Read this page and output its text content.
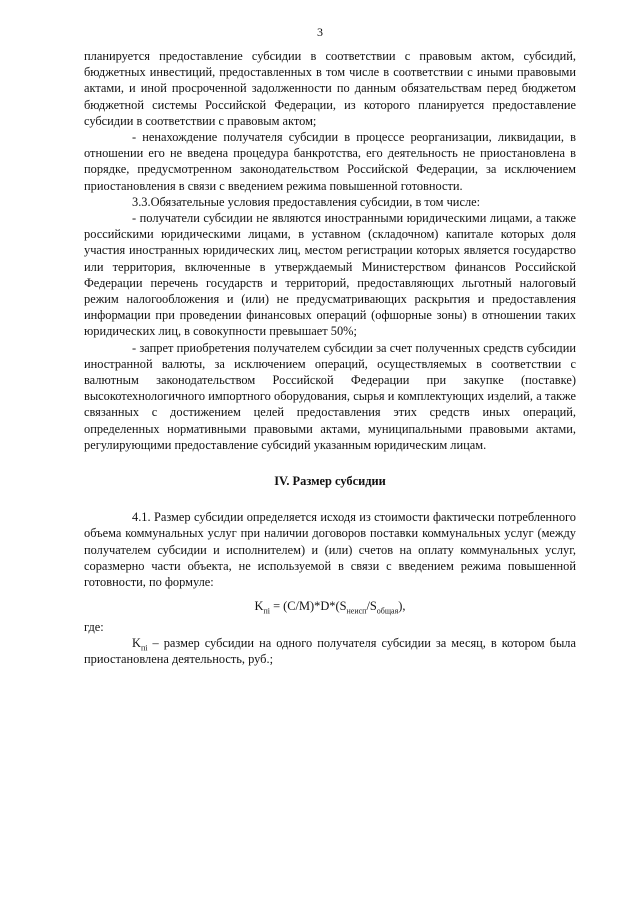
3

планируется предоставление субсидии в соответствии с правовым актом, субсидий, бюджетных инвестиций, предоставленных в том числе в соответствии с иными правовыми актами, и иной просроченной задолженности по данным обязательствам перед бюджетом бюджетной системы Российской Федерации, из которого планируется предоставление субсидии в соответствии с правовым актом;

- ненахождение получателя субсидии в процессе реорганизации, ликвидации, в отношении его не введена процедура банкротства, его деятельность не приостановлена в порядке, предусмотренном законодательством Российской Федерации, за исключением приостановления в связи с введением режима повышенной готовности.

3.3.Обязательные условия предоставления субсидии, в том числе:

- получатели субсидии не являются иностранными юридическими лицами, а также российскими юридическими лицами, в уставном (складочном) капитале которых доля участия иностранных юридических лиц, местом регистрации которых является государство или территория, включенные в утверждаемый Министерством финансов Российской Федерации перечень государств и территорий, предоставляющих льготный налоговый режим налогообложения и (или) не предусматривающих раскрытия и предоставления информации при проведении финансовых операций (офшорные зоны) в отношении таких юридических лиц, в совокупности превышает 50%;

- запрет приобретения получателем субсидии за счет полученных средств субсидии иностранной валюты, за исключением операций, осуществляемых в соответствии с валютным законодательством Российской Федерации при закупке (поставке) высокотехнологичного импортного оборудования, сырья и комплектующих изделий, а также связанных с достижением целей предоставления этих средств иных операций, определенных нормативными правовыми актами, муниципальными правовыми актами, регулирующими предоставление субсидий указанным юридическим лицам.

IV. Размер субсидии

4.1. Размер субсидии определяется исходя из стоимости фактически потребленного объема коммунальных услуг при наличии договоров поставки коммунальных услуг (между получателем субсидии и исполнителем) и (или) счетов на оплату коммунальных услуг, соразмерно части объекта, не используемой в связи с введением режима повышенной готовности, по формуле:

$K_{пi} = (C/M)*D*(S_{неисп}/S_{общая})$,

где:

$K_{пi}$ – размер субсидии на одного получателя субсидии за месяц, в котором была приостановлена деятельность, руб.;
